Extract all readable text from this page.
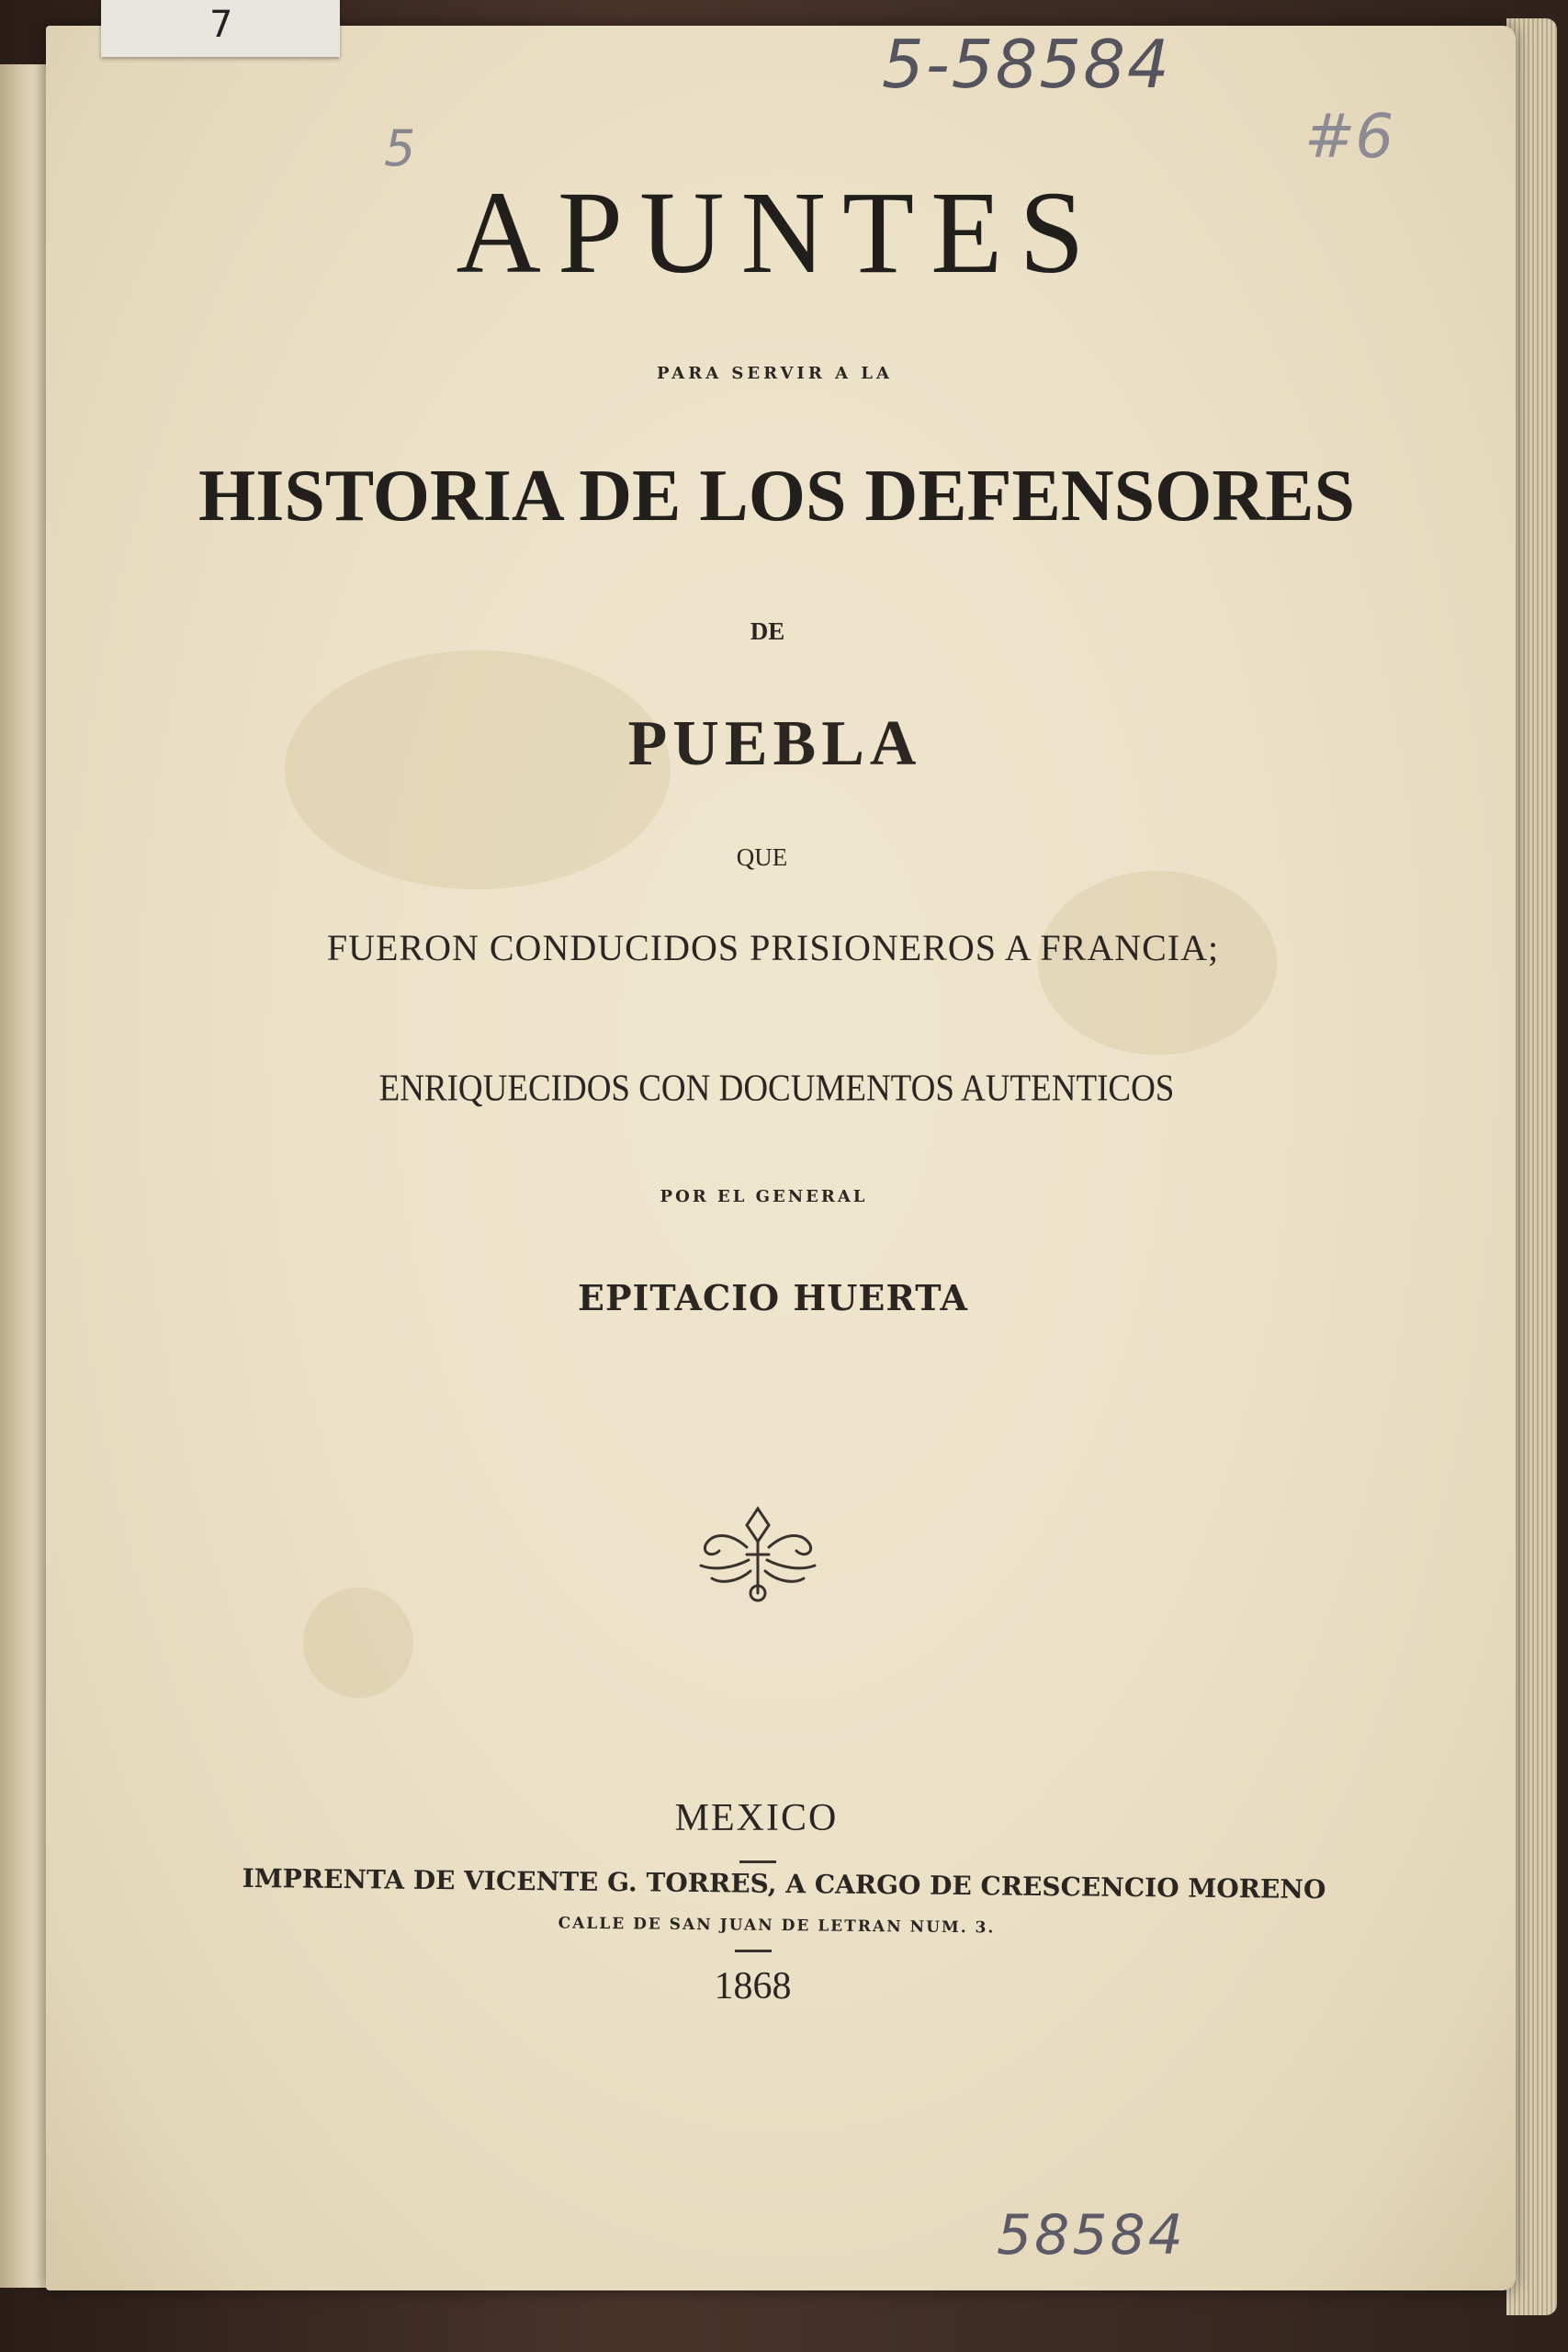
7
5-58584
5	#6
APUNTES
PARA SERVIR A LA
HISTORIA DE LOS DEFENSORES
DE
PUEBLA
QUE
FUERON CONDUCIDOS PRISIONEROS A FRANCIA;
ENRIQUECIDOS CON DOCUMENTOS AUTENTICOS
POR EL GENERAL
EPITACIO HUERTA
MEXICO
IMPRENTA DE VICENTE G. TORRES, A CARGO DE CRESCENCIO MORENO
CALLE DE SAN JUAN DE LETRAN NUM. 3.
1868
58584
